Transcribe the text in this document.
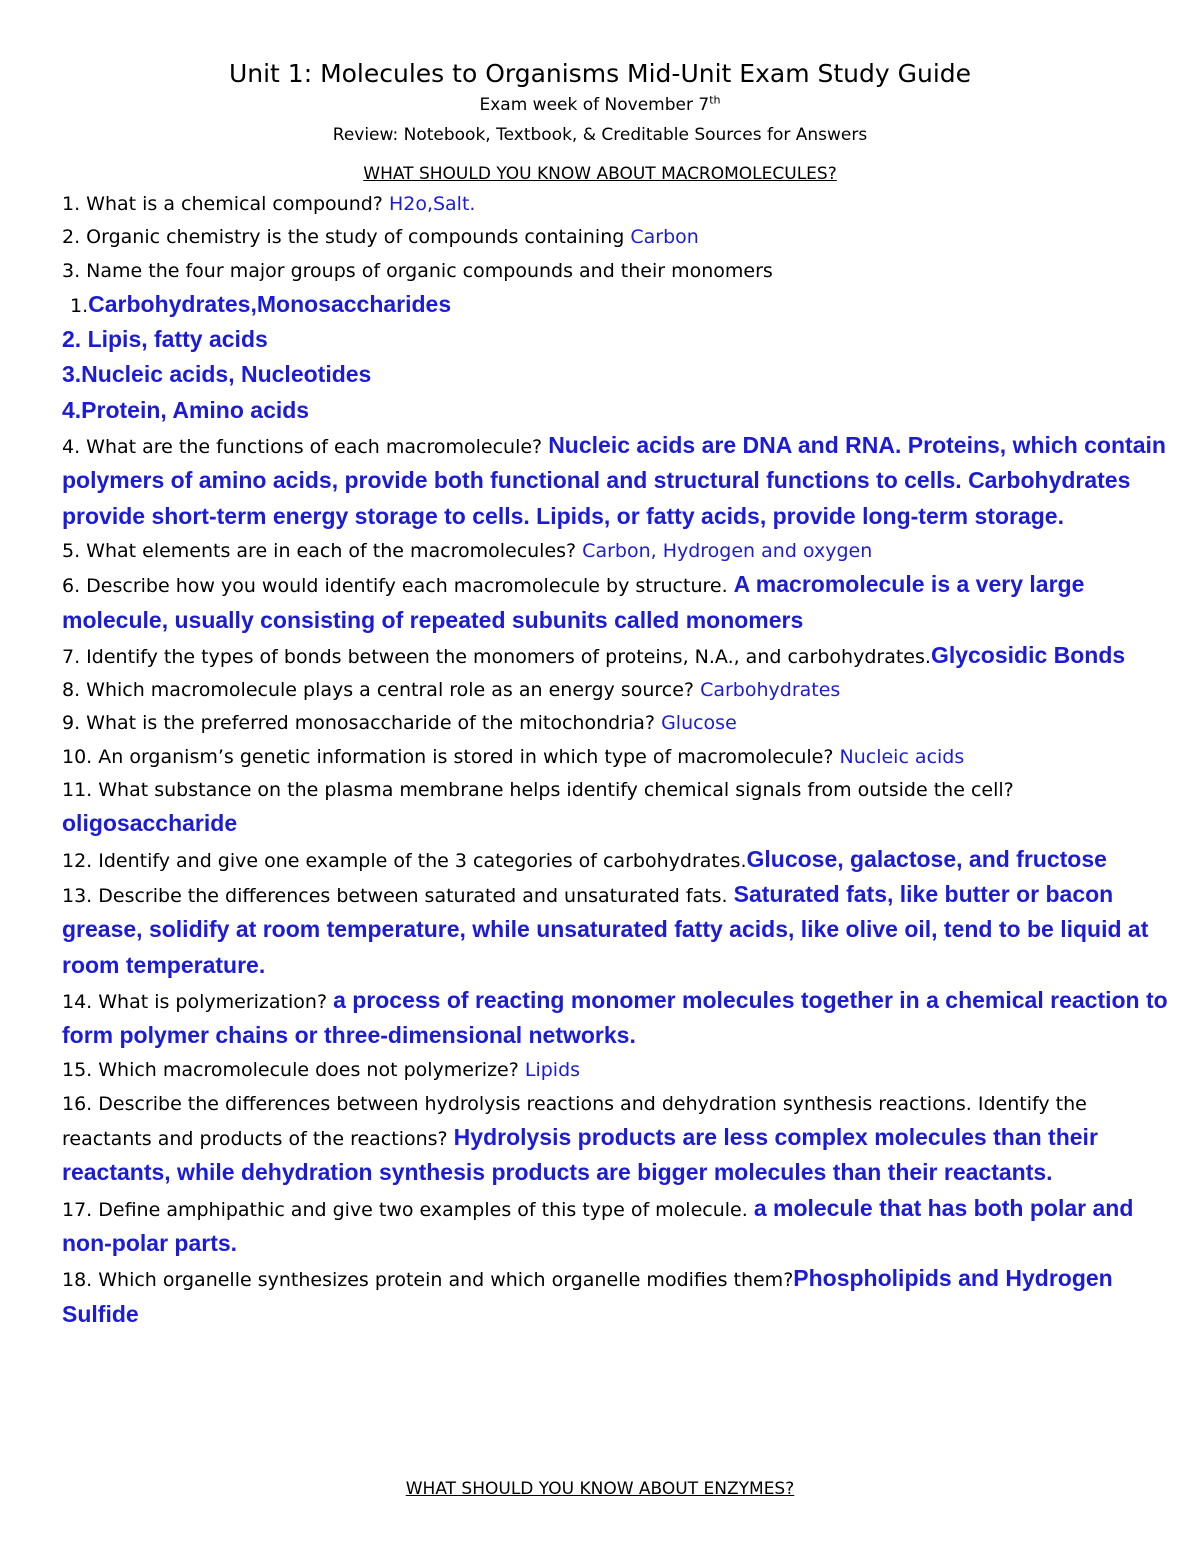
Unit 1: Molecules to Organisms Mid-Unit Exam Study Guide
Exam week of November 7th
Review: Notebook, Textbook, & Creditable Sources for Answers
WHAT SHOULD YOU KNOW ABOUT MACROMOLECULES?
1. What is a chemical compound? H2o,Salt.
2. Organic chemistry is the study of compounds containing Carbon
3. Name the four major groups of organic compounds and their monomers
1.Carbohydrates,Monosaccharides
2. Lipis, fatty acids
3.Nucleic acids, Nucleotides
4.Protein, Amino acids
4. What are the functions of each macromolecule? Nucleic acids are DNA and RNA. Proteins, which contain polymers of amino acids, provide both functional and structural functions to cells. Carbohydrates provide short-term energy storage to cells. Lipids, or fatty acids, provide long-term storage.
5. What elements are in each of the macromolecules? Carbon, Hydrogen and oxygen
6. Describe how you would identify each macromolecule by structure. A macromolecule is a very large molecule, usually consisting of repeated subunits called monomers
7. Identify the types of bonds between the monomers of proteins, N.A., and carbohydrates.Glycosidic Bonds
8. Which macromolecule plays a central role as an energy source? Carbohydrates
9. What is the preferred monosaccharide of the mitochondria? Glucose
10. An organism’s genetic information is stored in which type of macromolecule? Nucleic acids
11. What substance on the plasma membrane helps identify chemical signals from outside the cell? oligosaccharide
12. Identify and give one example of the 3 categories of carbohydrates.Glucose, galactose, and fructose
13. Describe the differences between saturated and unsaturated fats. Saturated fats, like butter or bacon grease, solidify at room temperature, while unsaturated fatty acids, like olive oil, tend to be liquid at room temperature.
14. What is polymerization? a process of reacting monomer molecules together in a chemical reaction to form polymer chains or three-dimensional networks.
15. Which macromolecule does not polymerize? Lipids
16. Describe the differences between hydrolysis reactions and dehydration synthesis reactions. Identify the reactants and products of the reactions? Hydrolysis products are less complex molecules than their reactants, while dehydration synthesis products are bigger molecules than their reactants.
17. Define amphipathic and give two examples of this type of molecule. a molecule that has both polar and non-polar parts.
18. Which organelle synthesizes protein and which organelle modifies them?Phospholipids and Hydrogen Sulfide
WHAT SHOULD YOU KNOW ABOUT ENZYMES?
